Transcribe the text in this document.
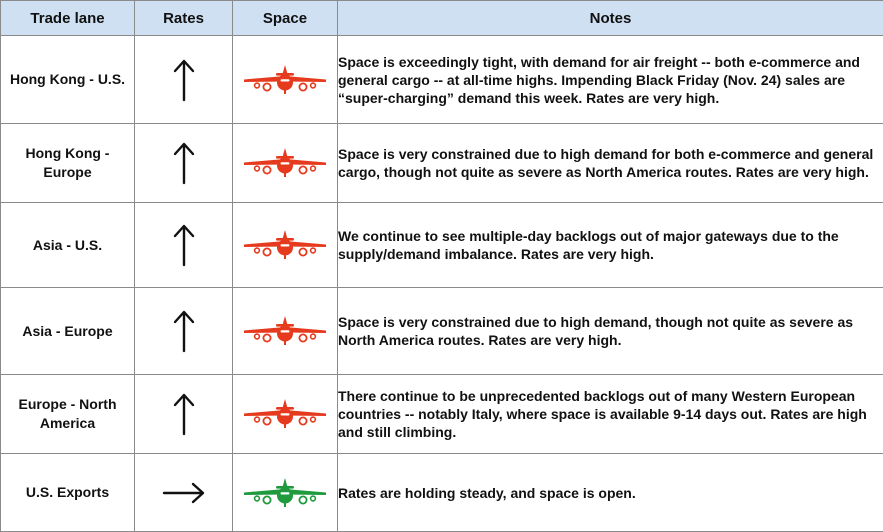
Trade lane	Rates	Space	Notes
Hong Kong - U.S.			Space is exceedingly tight, with demand for air freight -- both e-commerce and general cargo -- at all-time highs. Impending Black Friday (Nov. 24) sales are “super-charging” demand this week. Rates are very high.
Hong Kong - Europe			Space is very constrained due to high demand for both e-commerce and general cargo, though not quite as severe as North America routes. Rates are very high.
Asia - U.S.			We continue to see multiple-day backlogs out of major gateways due to the supply/demand imbalance. Rates are very high.
Asia - Europe			Space is very constrained due to high demand, though not quite as severe as North America routes. Rates are very high.
Europe - North America			There continue to be unprecedented backlogs out of many Western European countries -- notably Italy, where space is available 9-14 days out. Rates are high and still climbing.
U.S. Exports			Rates are holding steady, and space is open.
